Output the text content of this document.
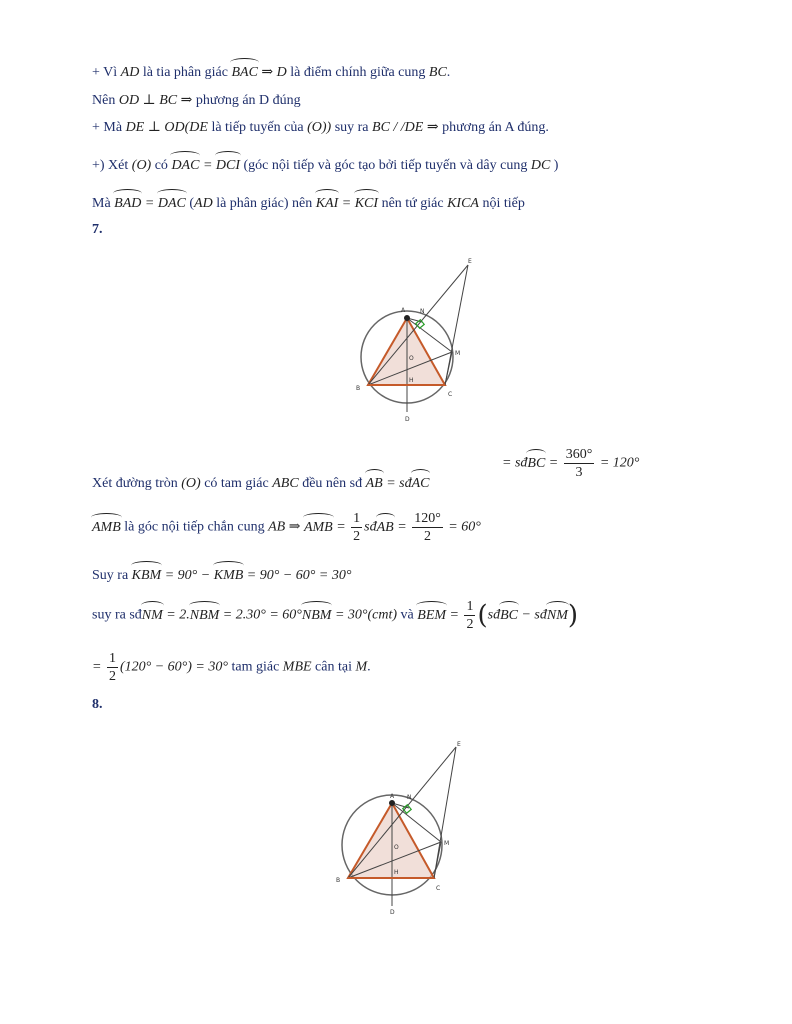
+ Vì AD là tia phân giác BAC ⇒ D là điểm chính giữa cung BC.
Nên OD ⊥ BC ⇒ phương án D đúng
+ Mà DE ⊥ OD(DE là tiếp tuyến của (O)) suy ra BC / /DE ⇒ phương án A đúng.
+) Xét (O) có DAC = DCI (góc nội tiếp và góc tạo bởi tiếp tuyến và dây cung DC )
Mà BAD = DAC (AD là phân giác) nên KAI = KCI nên tứ giác KICA nội tiếp
7.
A N
E
M
O
H
B
C
D
= sđBC = $\frac{360^\circ}{3} = 120^\circ$
Xét đường tròn (O) có tam giác ABC đều nên sđ AB = sđAC
AMB là góc nội tiếp chắn cung AB ⇒ AMB = $\frac{1}{2}$ sđAB = $\frac{120^\circ}{2} = 60^\circ$
Suy ra KBM = 90° − KMB = 90° − 60° = 30°
suy ra sđNM = 2.NBM = 2.30° = 60°NBM = 30°(cmt) và BEM = $\frac{1}{2}$ (sđBC − sđNM)
= $\frac{1}{2} (120^\circ - 60^\circ) = 30^\circ$ tam giác MBE cân tại M.
8.
A N
E
M
O
H
B
C
D
